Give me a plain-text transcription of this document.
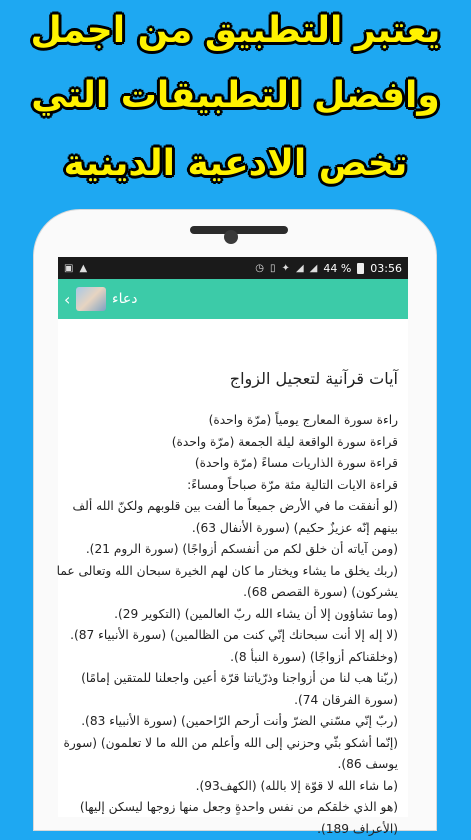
يعتبر التطبيق من اجمل
وافضل التطبيقات التي
تخص الادعية الدينية
▣ ▲	◷ ▯ ✦ ◢ ◢ 44 % 03:56
‹	دعاء
آيات قرآنية لتعجيل الزواج
راءة سورة المعارج يومياً (مرّة واحدة)
قراءة سورة الواقعة ليلة الجمعة (مرّة واحدة)
قراءة سورة الذاريات مساءً (مرّة واحدة)
قراءة الايات التالية مئة مرّة صباحاً ومساءً:
(لو أنفقت ما في الأرض جميعاً ما ألفت بين قلوبهم ولكنّ الله ألف
بينهم إنّه عزيزٌ حكيم) (سورة الأنفال 63).
(ومن آياته أن خلق لكم من أنفسكم أزواجًا) (سورة الروم 21).
(ربك يخلق ما يشاء ويختار ما كان لهم الخيرة سبحان الله وتعالى عما
يشركون) (سورة القصص 68).
(وما تشاؤون إلا أن يشاء الله ربّ العالمين) (التكوير 29).
(لا إله إلا أنت سبحانك إنّي كنت من الظالمين) (سورة الأنبياء 87).
(وخلقناكم أزواجًا) (سورة النبأ 8).
(ربّنا هب لنا من أزواجنا وذرّياتنا قرّة أعين واجعلنا للمتقين إمامًا)
(سورة الفرقان 74).
(ربّ إنّي مسّني الضرّ وأنت أرحم الرّاحمين) (سورة الأنبياء 83).
(إنّما أشكو بثّي وحزني إلى الله وأعلم من الله ما لا تعلمون) (سورة
يوسف 86).
(ما شاء الله لا قوّة إلا بالله) (الكهف93).
(هو الذي خلقكم من نفس واحدةٍ وجعل منها زوجها ليسكن إليها)
(الأعراف 189).
